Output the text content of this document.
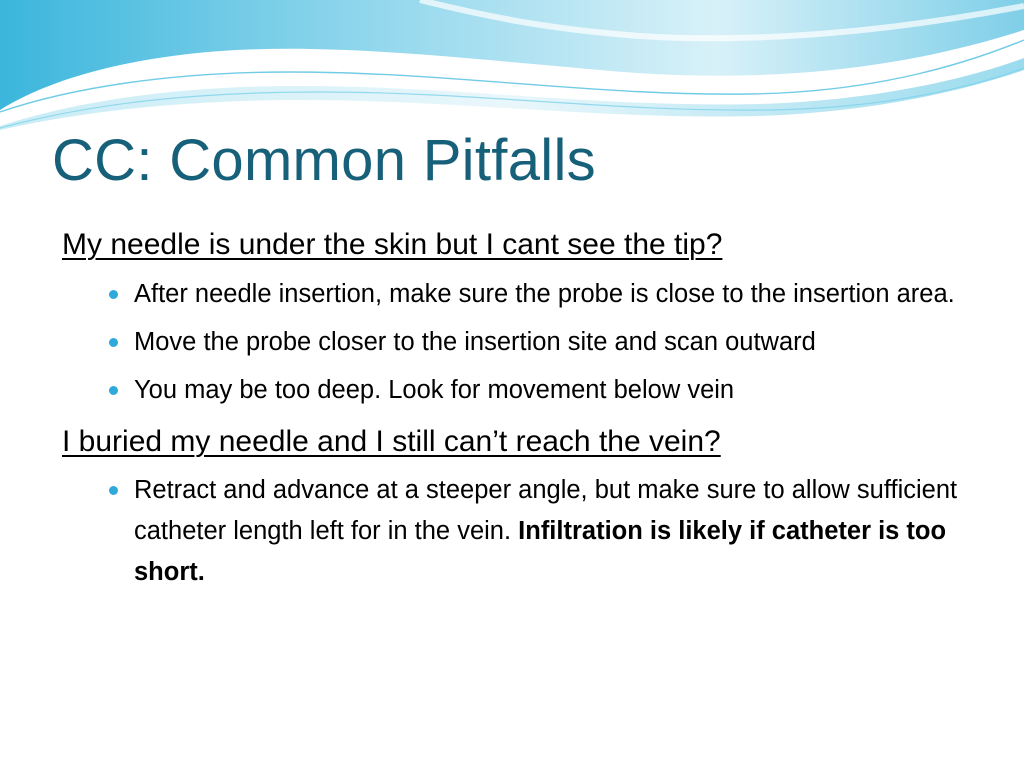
CC: Common Pitfalls
My needle is under the skin but I cant see the tip?
After needle insertion, make sure the probe is close to the insertion area.
Move the probe closer to the insertion site and scan outward
You may be too deep. Look for movement below vein
I buried my needle and I still can’t reach the vein?
Retract and advance at a steeper angle, but make sure to allow sufficient catheter length left for in the vein. Infiltration is likely if catheter is too short.
